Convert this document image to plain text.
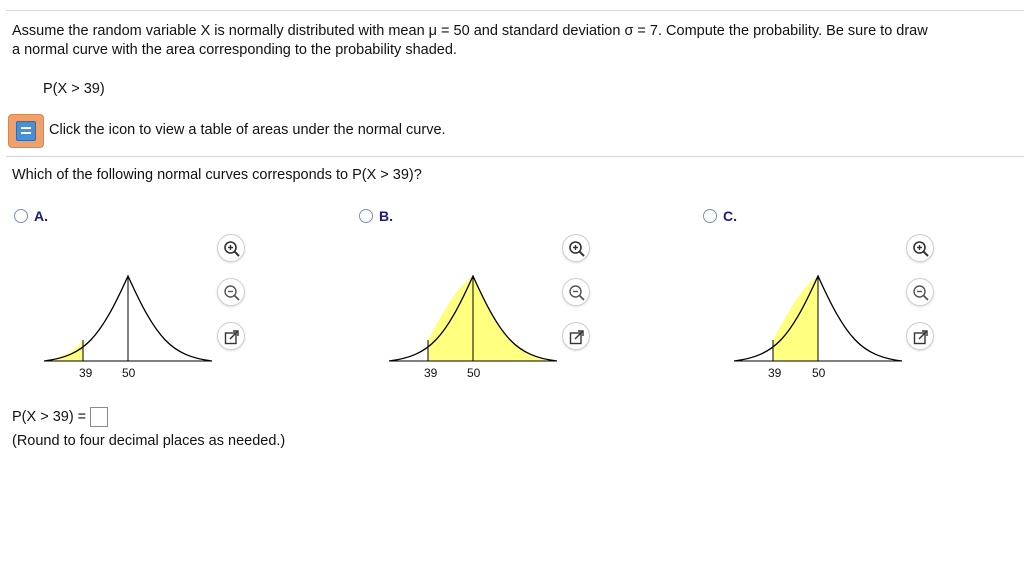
Assume the random variable X is normally distributed with mean μ = 50 and standard deviation σ = 7. Compute the probability. Be sure to draw
a normal curve with the area corresponding to the probability shaded.
P(X > 39)
Click the icon to view a table of areas under the normal curve.
Which of the following normal curves corresponds to P(X > 39)?
A.	B.	C.
39 50	39 50	39	50
P(X > 39) =
(Round to four decimal places as needed.)
